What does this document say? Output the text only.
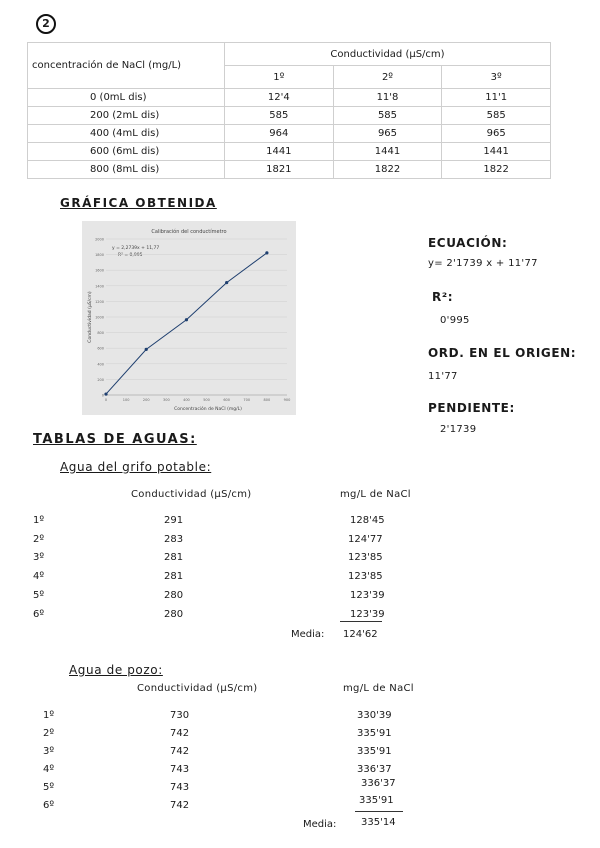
2
concentración de NaCl (mg/L)	Conductividad (µS/cm)		
	1º	2º	3º
0 (0mL dis)	12'4	11'8	11'1
200 (2mL dis)	585	585	585
400 (4mL dis)	964	965	965
600 (6mL dis)	1441	1441	1441
800 (8mL dis)	1821	1822	1822
GRÁFICA OBTENIDA
Calibración del conductímetro
y = 2,2739x + 11,77
R² = 0,995
Concentración de NaCl (mg/L)
Conductividad (µS/cm)
0
200
400
600
800
1000
1200
1400
1600
1800
2000
0	100	200	300	400	500	600	700	800	900
ECUACIÓN:
y= 2'1739 x + 11'77
R²:
0'995
ORD. EN EL ORIGEN:
11'77
PENDIENTE:
2'1739
TABLAS DE AGUAS:
Agua del grifo potable:
Conductividad (µS/cm)	mg/L de NaCl
1º	291	128'45
2º	283	124'77
3º	281	123'85
4º	281	123'85
5º	280	123'39
6º	280	123'39
Media: 124'62
Agua de pozo:
Conductividad (µS/cm)	mg/L de NaCl
1º	730	330'39
2º	742	335'91
3º	742	335'91
4º	743	336'37
5º	743	336'37
6º	742	335'91
Media: 335'14
